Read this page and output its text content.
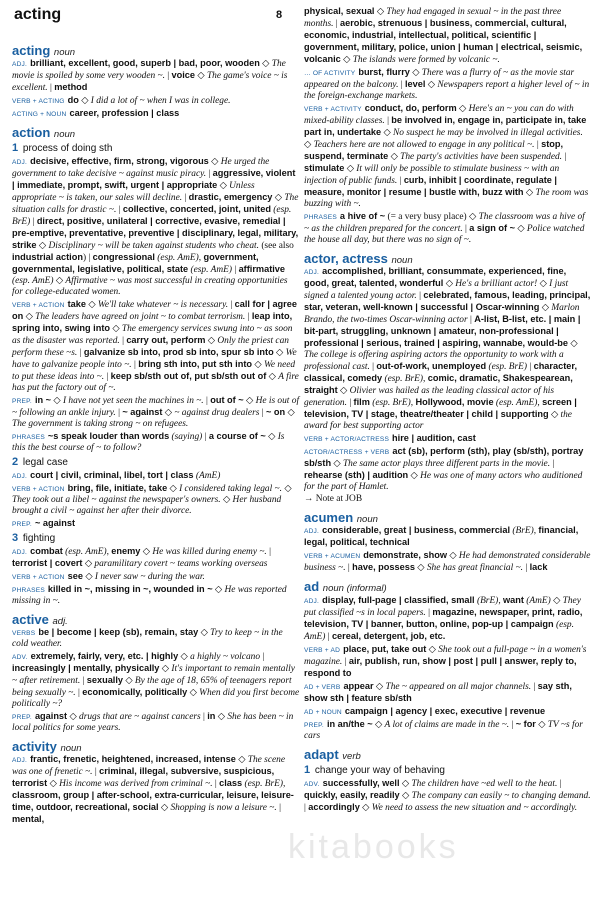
acting	8
acting noun
ADJ. brilliant, excellent, good, superb | bad, poor, wooden ◇ The movie is spoiled by some very wooden ~. | voice ◇ The game's voice ~ is excellent. | method
VERB + ACTING do ◇ I did a lot of ~ when I was in college.
ACTING + NOUN career, profession | class
action noun
1 process of doing sth
ADJ. decisive, effective, firm, strong, vigorous ◇ He urged the government to take decisive ~ against music piracy. | aggressive, violent | immediate, prompt, swift, urgent | appropriate ◇ Unless appropriate ~ is taken, our sales will decline. | drastic, emergency ◇ The situation calls for drastic ~. | collective, concerted, joint, united (esp. BrE) | direct, positive, unilateral | corrective, evasive, remedial | pre-emptive, preventative, preventive | disciplinary, legal, military, strike ◇ Disciplinary ~ will be taken against students who cheat. (see also industrial action) | congressional (esp. AmE), government, governmental, legislative, political, state (esp. AmE) | affirmative (esp. AmE) ◇ Affirmative ~ was most successful in creating opportunities for college-educated women.
VERB + ACTION take ◇ We'll take whatever ~ is necessary. | call for | agree on ◇ The leaders have agreed on joint ~ to combat terrorism. | leap into, spring into, swing into ◇ The emergency services swung into ~ as soon as the disaster was reported. | carry out, perform ◇ Only the priest can perform these ~s. | galvanize sb into, prod sb into, spur sb into ◇ We have to galvanize people into ~. | bring sth into, put sth into ◇ We need to put these ideas into ~. | keep sb/sth out of, put sb/sth out of ◇ A fire has put the factory out of ~.
PREP. in ~ ◇ I have not yet seen the machines in ~. | out of ~ ◇ He is out of ~ following an ankle injury. | ~ against ◇ ~ against drug dealers | ~ on ◇ The government is taking strong ~ on refugees.
PHRASES ~s speak louder than words (saying) | a course of ~ ◇ Is this the best course of ~ to follow?
2 legal case
ADJ. court | civil, criminal, libel, tort | class (AmE)
VERB + ACTION bring, file, initiate, take ◇ I considered taking legal ~. ◇ They took out a libel ~ against the newspaper's owners. ◇ Her husband brought a civil ~ against her after their divorce.
PREP. ~ against
3 fighting
ADJ. combat (esp. AmE), enemy ◇ He was killed during enemy ~. | terrorist | covert ◇ paramilitary covert ~ teams working overseas
VERB + ACTION see ◇ I never saw ~ during the war.
PHRASES killed in ~, missing in ~, wounded in ~ ◇ He was reported missing in ~.
active adj.
VERBS be | become | keep (sb), remain, stay ◇ Try to keep ~ in the cold weather.
ADV. extremely, fairly, very, etc. | highly ◇ a highly ~ volcano | increasingly | mentally, physically ◇ It's important to remain mentally ~ after retirement. | sexually ◇ By the age of 18, 65% of teenagers report being sexually ~. | economically, politically ◇ When did you first become politically ~?
PREP. against ◇ drugs that are ~ against cancers | in ◇ She has been ~ in local politics for some years.
activity noun
ADJ. frantic, frenetic, heightened, increased, intense ◇ The scene was one of frenetic ~. | criminal, illegal, subversive, suspicious, terrorist ◇ His income was derived from criminal ~. | class (esp. BrE), classroom, group | after-school, extra-curricular, leisure, leisure-time, outdoor, recreational, social ◇ Shopping is now a leisure ~. | mental,
physical, sexual ◇ They had engaged in sexual ~ in the past three months. | aerobic, strenuous | business, commercial, cultural, economic, industrial, intellectual, political, scientific | government, military, police, union | human | electrical, seismic, volcanic ◇ The islands were formed by volcanic ~.
… OF ACTIVITY burst, flurry ◇ There was a flurry of ~ as the movie star appeared on the balcony. | level ◇ Newspapers report a higher level of ~ in the foreign-exchange markets.
VERB + ACTIVITY conduct, do, perform ◇ Here's an ~ you can do with mixed-ability classes. | be involved in, engage in, participate in, take part in, undertake ◇ No suspect he may be involved in illegal activities. ◇ Teachers here are not allowed to engage in any political ~. | stop, suspend, terminate ◇ The party's activities have been suspended. | stimulate ◇ It will only be possible to stimulate business ~ with an injection of public funds. | curb, inhibit | coordinate, regulate | measure, monitor | resume | bustle with, buzz with ◇ The room was buzzing with ~.
PHRASES a hive of ~ (= a very busy place) ◇ The classroom was a hive of ~ as the children prepared for the concert. | a sign of ~ ◇ Police watched the house all day, but there was no sign of ~.
actor, actress noun
ADJ. accomplished, brilliant, consummate, experienced, fine, good, great, talented, wonderful ◇ He's a brilliant actor! ◇ I just signed a talented young actor. | celebrated, famous, leading, principal, star, veteran, well-known | successful | Oscar-winning ◇ Marlon Brando, the two-times Oscar-winning actor | A-list, B-list, etc. | main | bit-part, struggling, unknown | amateur, non-professional | professional | serious, trained | aspiring, wannabe, would-be ◇ The college is offering aspiring actors the opportunity to work with a professional cast. | out-of-work, unemployed (esp. BrE) | character, classical, comedy (esp. BrE), comic, dramatic, Shakespearean, straight ◇ Olivier was hailed as the leading classical actor of his generation. | film (esp. BrE), Hollywood, movie (esp. AmE), screen | television, TV | stage, theatre/theater | child | supporting ◇ the award for best supporting actor
VERB + ACTOR/ACTRESS hire | audition, cast
ACTOR/ACTRESS + VERB act (sb), perform (sth), play (sb/sth), portray sb/sth ◇ The same actor plays three different parts in the movie. | rehearse (sth) | audition ◇ He was one of many actors who auditioned for the part of Hamlet.
→ Note at JOB
acumen noun
ADJ. considerable, great | business, commercial (BrE), financial, legal, political, technical
VERB + ACUMEN demonstrate, show ◇ He had demonstrated considerable business ~. | have, possess ◇ She has great financial ~. | lack
ad noun (informal)
ADJ. display, full-page | classified, small (BrE), want (AmE) ◇ They put classified ~s in local papers. | magazine, newspaper, print, radio, television, TV | banner, button, online, pop-up | campaign (esp. AmE) | cereal, detergent, job, etc.
VERB + AD place, put, take out ◇ She took out a full-page ~ in a women's magazine. | air, publish, run, show | post | pull | answer, reply to, respond to
AD + VERB appear ◇ The ~ appeared on all major channels. | say sth, show sth | feature sb/sth
AD + NOUN campaign | agency | exec, executive | revenue
PREP. in an/the ~ ◇ A lot of claims are made in the ~. | ~ for ◇ TV ~s for cars
adapt verb
1 change your way of behaving
ADV. successfully, well ◇ The children have ~ed well to the heat. | quickly, easily, readily ◇ The company can easily ~ to changing demand. | accordingly ◇ We need to assess the new situation and ~ accordingly.
kitabooks
